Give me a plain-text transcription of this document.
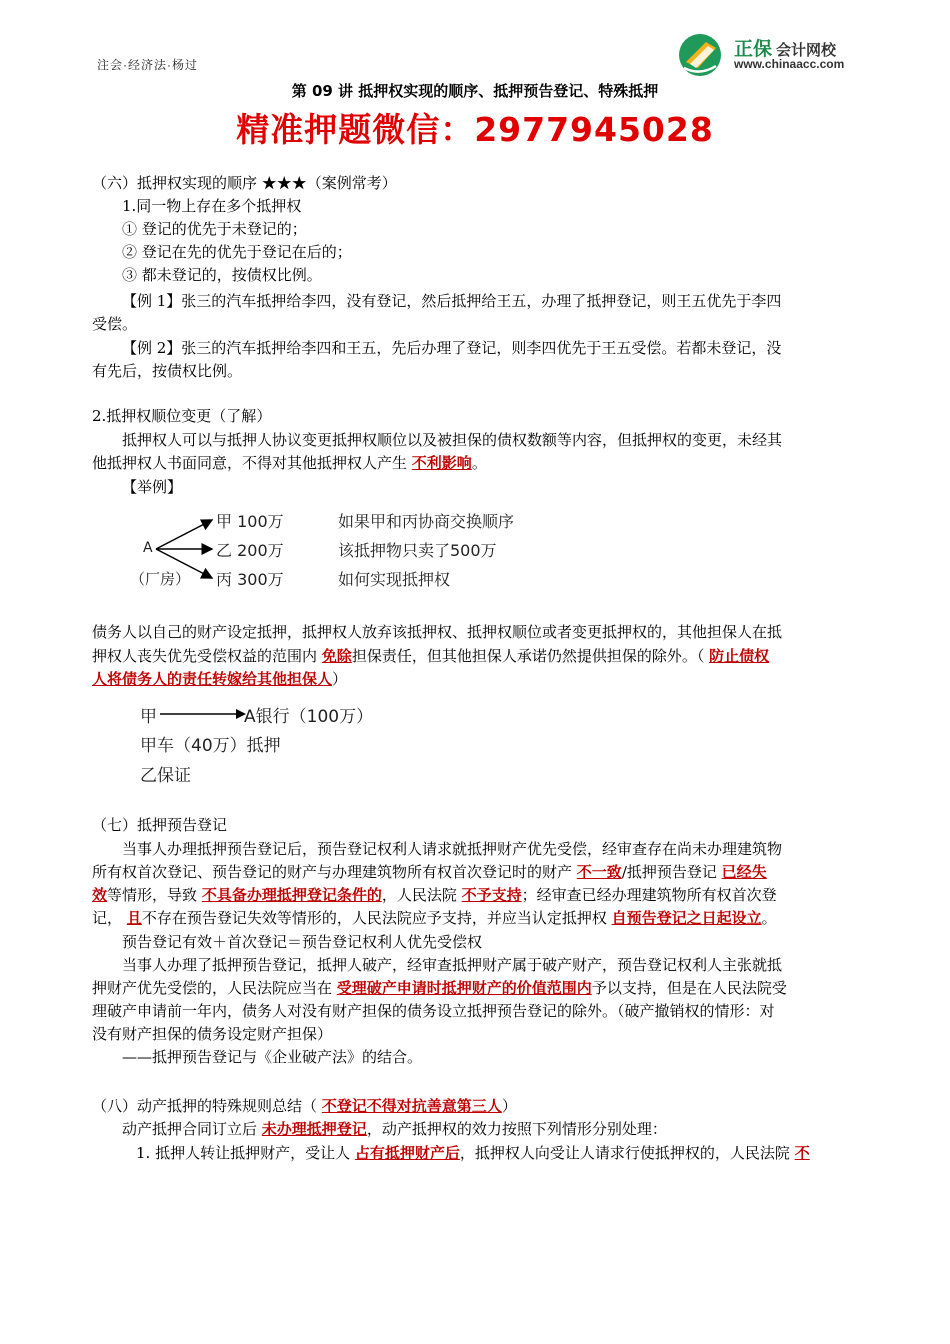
注会·经济法·杨过
正保 会计网校
www.chinaacc.com
第 09 讲 抵押权实现的顺序、抵押预告登记、特殊抵押
精准押题微信：2977945028
（六）抵押权实现的顺序 ★★★（案例常考）
1.同一物上存在多个抵押权
① 登记的优先于未登记的；
② 登记在先的优先于登记在后的；
③ 都未登记的，按债权比例。
【例 1】张三的汽车抵押给李四，没有登记，然后抵押给王五，办理了抵押登记，则王五优先于李四
受偿。
【例 2】张三的汽车抵押给李四和王五，先后办理了登记，则李四优先于王五受偿。若都未登记，没
有先后，按债权比例。
2.抵押权顺位变更（了解）
抵押权人可以与抵押人协议变更抵押权顺位以及被担保的债权数额等内容，但抵押权的变更，未经其
他抵押权人书面同意，不得对其他抵押权人产生 不利影响。
【举例】
A
（厂房）
甲 100万
乙 200万
丙 300万
如果甲和丙协商交换顺序
该抵押物只卖了500万
如何实现抵押权
债务人以自己的财产设定抵押，抵押权人放弃该抵押权、抵押权顺位或者变更抵押权的，其他担保人在抵
押权人丧失优先受偿权益的范围内 免除担保责任，但其他担保人承诺仍然提供担保的除外。（ 防止债权
人将债务人的责任转嫁给其他担保人）
甲	A银行（100万）
甲车（40万）抵押
乙保证
（七）抵押预告登记
当事人办理抵押预告登记后，预告登记权利人请求就抵押财产优先受偿，经审查存在尚未办理建筑物
所有权首次登记、预告登记的财产与办理建筑物所有权首次登记时的财产 不一致/抵押预告登记 已经失
效等情形，导致 不具备办理抵押登记条件的，人民法院 不予支持；经审查已经办理建筑物所有权首次登
记， 且不存在预告登记失效等情形的，人民法院应予支持，并应当认定抵押权 自预告登记之日起设立。
预告登记有效＋首次登记＝预告登记权利人优先受偿权
当事人办理了抵押预告登记，抵押人破产，经审查抵押财产属于破产财产，预告登记权利人主张就抵
押财产优先受偿的，人民法院应当在 受理破产申请时抵押财产的价值范围内予以支持，但是在人民法院受
理破产申请前一年内，债务人对没有财产担保的债务设立抵押预告登记的除外。（破产撤销权的情形：对
没有财产担保的债务设定财产担保）
——抵押预告登记与《企业破产法》的结合。
（八）动产抵押的特殊规则总结（ 不登记不得对抗善意第三人）
动产抵押合同订立后 未办理抵押登记，动产抵押权的效力按照下列情形分别处理：
1. 抵押人转让抵押财产，受让人 占有抵押财产后，抵押权人向受让人请求行使抵押权的，人民法院 不
